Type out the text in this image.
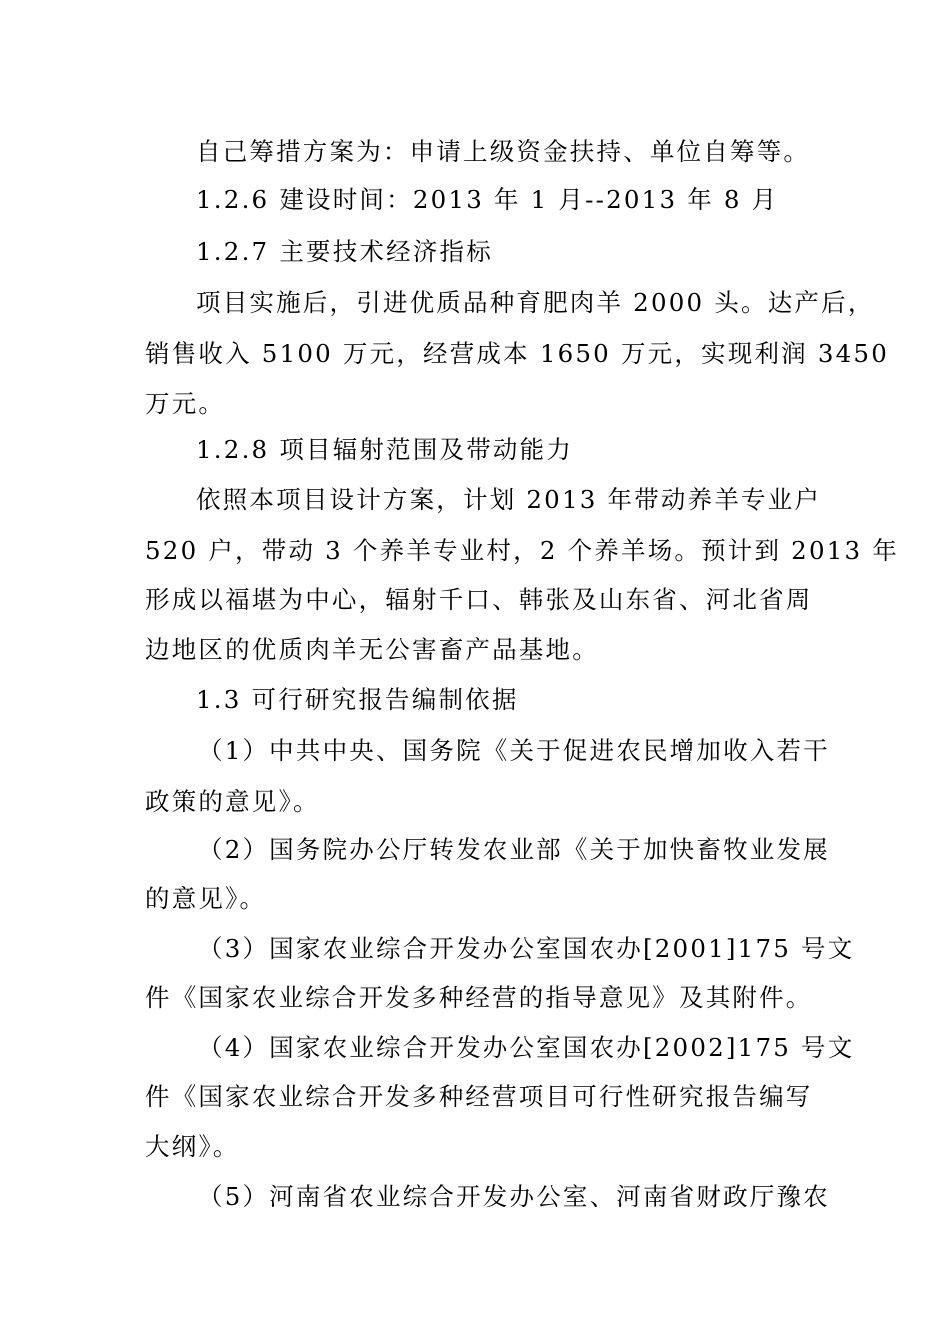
自己筹措方案为：申请上级资金扶持、单位自筹等。
1.2.6 建设时间：2013 年 1 月--2013 年 8 月
1.2.7 主要技术经济指标
项目实施后，引进优质品种育肥肉羊 2000 头。达产后，
销售收入 5100 万元，经营成本 1650 万元，实现利润 3450
万元。
1.2.8 项目辐射范围及带动能力
依照本项目设计方案，计划 2013 年带动养羊专业户
520 户，带动 3 个养羊专业村，2 个养羊场。预计到 2013 年
形成以福堪为中心，辐射千口、韩张及山东省、河北省周
边地区的优质肉羊无公害畜产品基地。
1.3 可行研究报告编制依据
（1）中共中央、国务院《关于促进农民增加收入若干
政策的意见》。
（2）国务院办公厅转发农业部《关于加快畜牧业发展
的意见》。
（3）国家农业综合开发办公室国农办[2001]175 号文
件《国家农业综合开发多种经营的指导意见》及其附件。
（4）国家农业综合开发办公室国农办[2002]175 号文
件《国家农业综合开发多种经营项目可行性研究报告编写
大纲》。
（5）河南省农业综合开发办公室、河南省财政厅豫农
